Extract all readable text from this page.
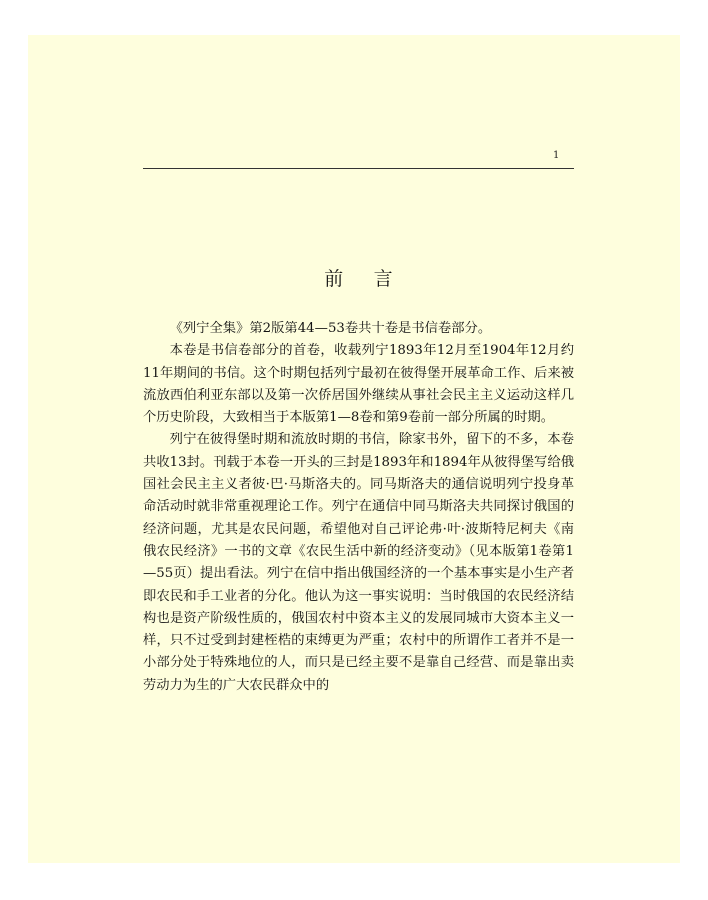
1
前言

《列宁全集》第2版第44—53卷共十卷是书信卷部分。

本卷是书信卷部分的首卷，收载列宁1893年12月至1904年12月约11年期间的书信。这个时期包括列宁最初在彼得堡开展革命工作、后来被流放西伯利亚东部以及第一次侨居国外继续从事社会民主主义运动这样几个历史阶段，大致相当于本版第1—8卷和第9卷前一部分所属的时期。

列宁在彼得堡时期和流放时期的书信，除家书外，留下的不多，本卷共收13封。刊载于本卷一开头的三封是1893年和1894年从彼得堡写给俄国社会民主主义者彼·巴·马斯洛夫的。同马斯洛夫的通信说明列宁投身革命活动时就非常重视理论工作。列宁在通信中同马斯洛夫共同探讨俄国的经济问题，尤其是农民问题，希望他对自己评论弗·叶·波斯特尼柯夫《南俄农民经济》一书的文章《农民生活中新的经济变动》（见本版第1卷第1—55页）提出看法。列宁在信中指出俄国经济的一个基本事实是小生产者即农民和手工业者的分化。他认为这一事实说明：当时俄国的农民经济结构也是资产阶级性质的，俄国农村中资本主义的发展同城市大资本主义一样，只不过受到封建桎梏的束缚更为严重；农村中的所谓作工者并不是一小部分处于特殊地位的人，而只是已经主要不是靠自己经营、而是靠出卖劳动力为生的广大农民群众中的
